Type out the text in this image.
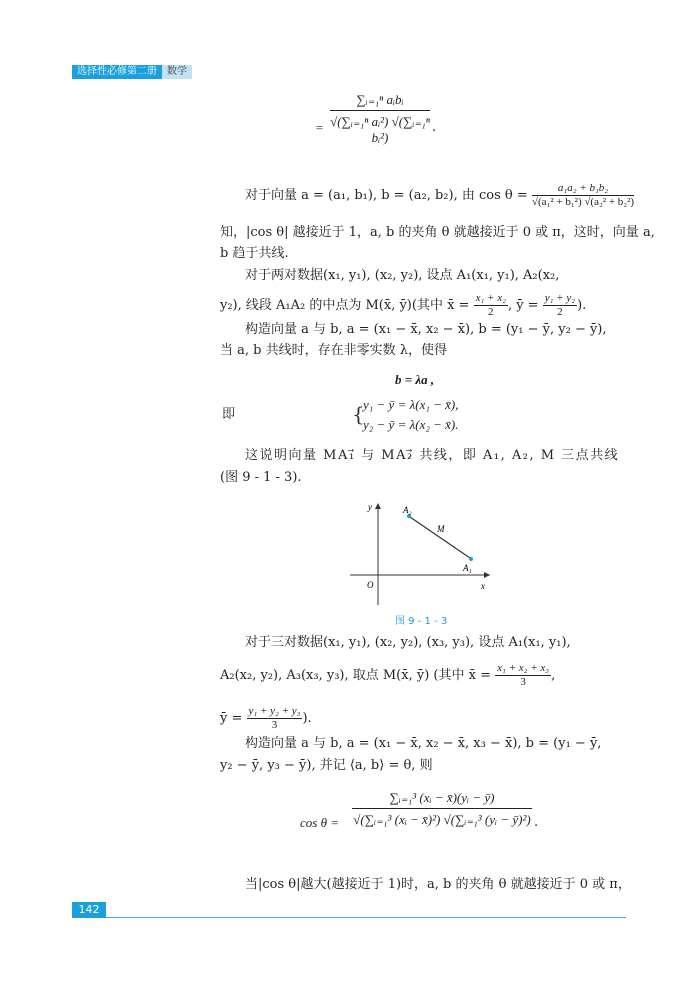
选择性必修第二册	数学
=
∑ᵢ₌₁ⁿ aᵢbᵢ
√(∑ᵢ₌₁ⁿ aᵢ²) √(∑ᵢ₌₁ⁿ bᵢ²)
.
对于向量 a = (a₁, b₁), b = (a₂, b₂), 由 $\cos \theta = \frac{\text{a₁a₂ + b₁b₂}}{\text{√(a₁² + b₁²) √(a₂² + b₂²)}}$
知，|cos θ| 越接近于 1，a, b 的夹角 θ 就越接近于 0 或 π，这时，向量 a,
b 趋于共线.
对于两对数据(x₁, y₁), (x₂, y₂), 设点 A₁(x₁, y₁), A₂(x₂,
y₂), 线段 A₁A₂ 的中点为 M(x̄, ȳ)(其中 x̄ = $\frac{\text{x₁ + x₂}}{2}$ , ȳ = $\frac{\text{y₁ + y₂}}{2}$ ).
构造向量 a 与 b, a = (x₁ − x̄, x₂ − x̄), b = (y₁ − ȳ, y₂ − ȳ),
当 a, b 共线时，存在非零实数 λ，使得
b = λa ,
即	{
y₁ − ȳ = λ(x₁ − x̄),
y₂ − ȳ = λ(x₂ − x̄).
这说明向量 MA₁⃗ 与 MA₂⃗ 共线，即 A₁, A₂, M 三点共线
(图 9 - 1 - 3).
y
x
O
A₂
A₁
M
图 9 - 1 - 3
对于三对数据(x₁, y₁), (x₂, y₂), (x₃, y₃), 设点 A₁(x₁, y₁),
A₂(x₂, y₂), A₃(x₃, y₃), 取点 M(x̄, ȳ) (其中 x̄ = $\frac{\text{x₁ + x₂ + x₃}}{3}$ ,
ȳ = $\frac{\text{y₁ + y₂ + y₃}}{3}$ ).
构造向量 a 与 b, a = (x₁ − x̄, x₂ − x̄, x₃ − x̄), b = (y₁ − ȳ,
y₂ − ȳ, y₃ − ȳ), 并记 ⟨a, b⟩ = θ, 则
cos θ =
∑ᵢ₌₁³ (xᵢ − x̄)(yᵢ − ȳ)
√(∑ᵢ₌₁³ (xᵢ − x̄)²) √(∑ᵢ₌₁³ (yᵢ − ȳ)²) .
当|cos θ|越大(越接近于 1)时，a, b 的夹角 θ 就越接近于 0 或 π，
142
